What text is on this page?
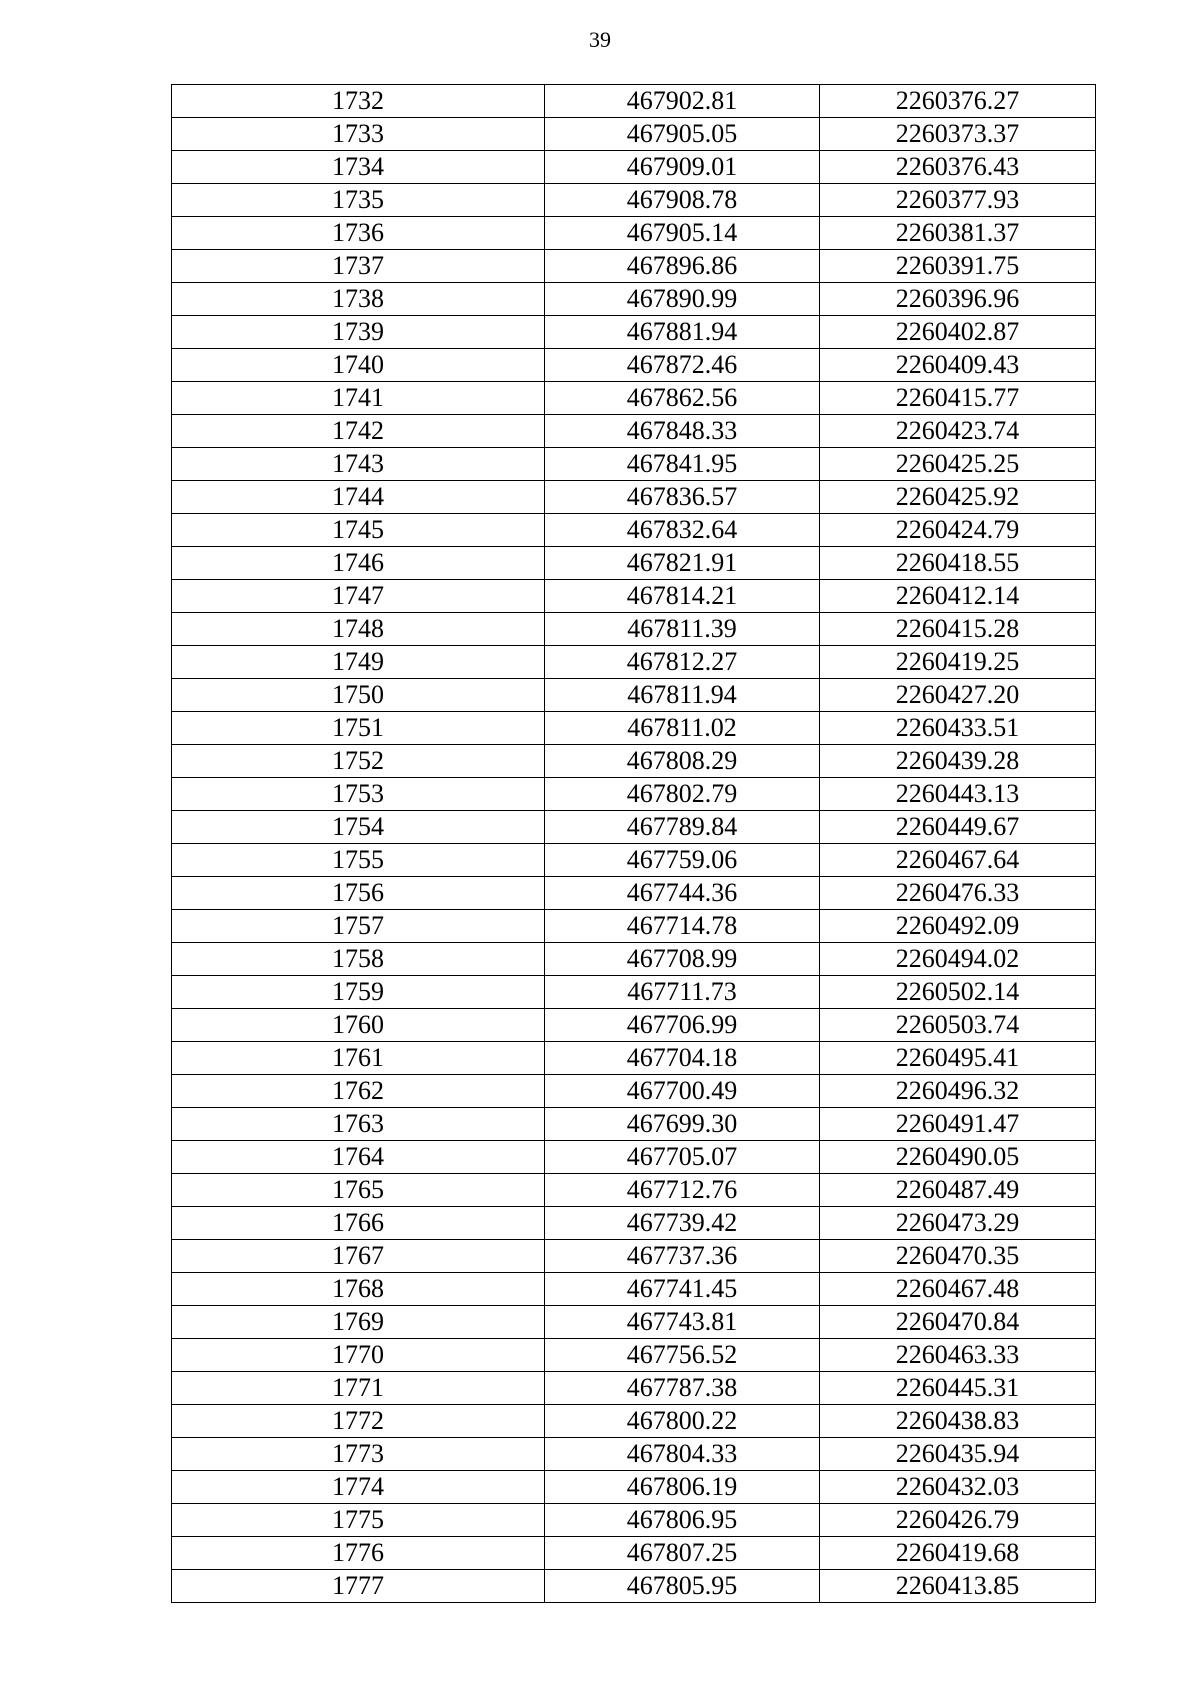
39
1732	467902.81	2260376.27
1733	467905.05	2260373.37
1734	467909.01	2260376.43
1735	467908.78	2260377.93
1736	467905.14	2260381.37
1737	467896.86	2260391.75
1738	467890.99	2260396.96
1739	467881.94	2260402.87
1740	467872.46	2260409.43
1741	467862.56	2260415.77
1742	467848.33	2260423.74
1743	467841.95	2260425.25
1744	467836.57	2260425.92
1745	467832.64	2260424.79
1746	467821.91	2260418.55
1747	467814.21	2260412.14
1748	467811.39	2260415.28
1749	467812.27	2260419.25
1750	467811.94	2260427.20
1751	467811.02	2260433.51
1752	467808.29	2260439.28
1753	467802.79	2260443.13
1754	467789.84	2260449.67
1755	467759.06	2260467.64
1756	467744.36	2260476.33
1757	467714.78	2260492.09
1758	467708.99	2260494.02
1759	467711.73	2260502.14
1760	467706.99	2260503.74
1761	467704.18	2260495.41
1762	467700.49	2260496.32
1763	467699.30	2260491.47
1764	467705.07	2260490.05
1765	467712.76	2260487.49
1766	467739.42	2260473.29
1767	467737.36	2260470.35
1768	467741.45	2260467.48
1769	467743.81	2260470.84
1770	467756.52	2260463.33
1771	467787.38	2260445.31
1772	467800.22	2260438.83
1773	467804.33	2260435.94
1774	467806.19	2260432.03
1775	467806.95	2260426.79
1776	467807.25	2260419.68
1777	467805.95	2260413.85
